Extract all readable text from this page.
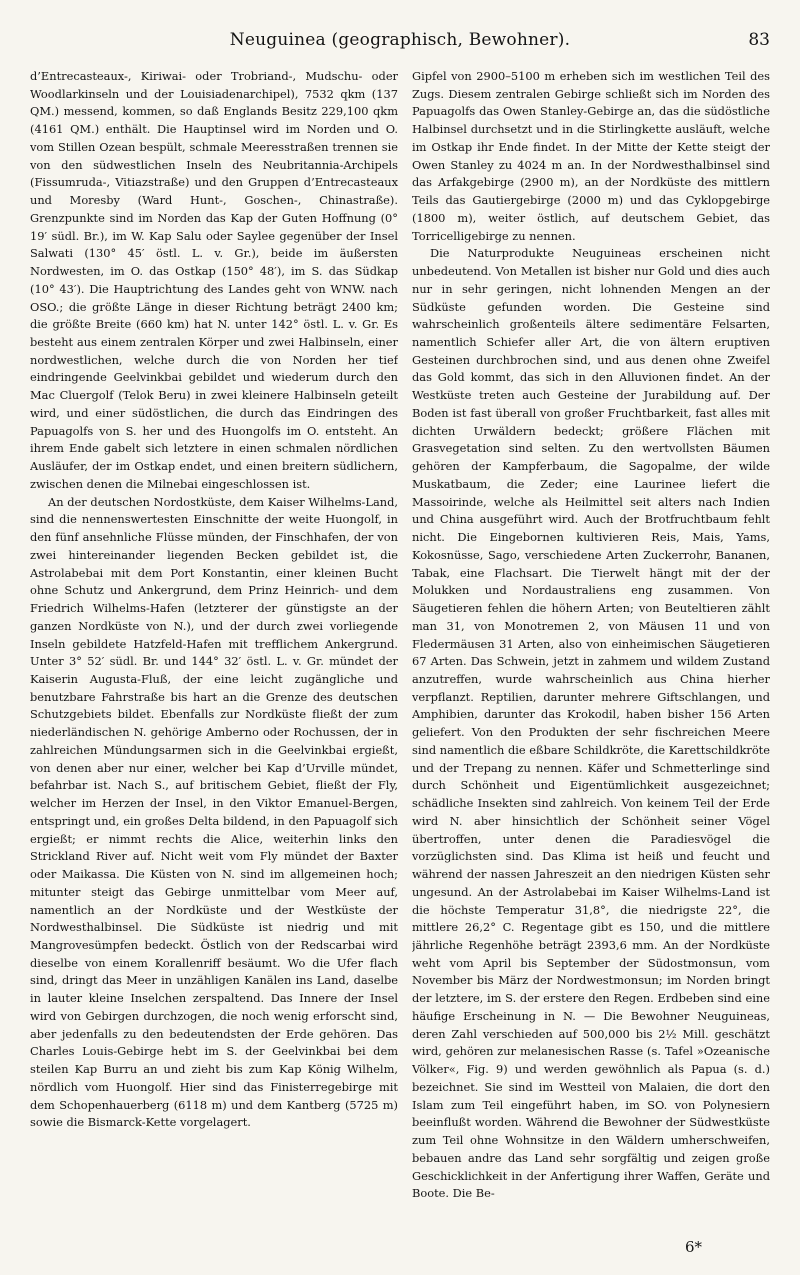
Neuguinea (geographisch, Bewohner).	83

d’Entrecasteaux-, Kiriwai- oder Trobriand-, Mudschu- oder Woodlarkinseln und der Louisiadenarchipel), 7532 qkm (137 QM.) messend, kommen, so daß Englands Besitz 229,100 qkm (4161 QM.) enthält. Die Hauptinsel wird im Norden und O. vom Stillen Ozean bespült, schmale Meeresstraßen trennen sie von den südwestlichen Inseln des Neubritannia-Archipels (Fissumruda-, Vitiazstraße) und den Gruppen d’Entrecasteaux und Moresby (Ward Hunt-, Goschen-, Chinastraße). Grenzpunkte sind im Norden das Kap der Guten Hoffnung (0° 19′ südl. Br.), im W. Kap Salu oder Saylee gegenüber der Insel Salwati (130° 45′ östl. L. v. Gr.), beide im äußersten Nordwesten, im O. das Ostkap (150° 48′), im S. das Südkap (10° 43′). Die Hauptrichtung des Landes geht von WNW. nach OSO.; die größte Länge in dieser Richtung beträgt 2400 km; die größte Breite (660 km) hat N. unter 142° östl. L. v. Gr. Es besteht aus einem zentralen Körper und zwei Halbinseln, einer nordwestlichen, welche durch die von Norden her tief eindringende Geelvinkbai gebildet und wiederum durch den Mac Cluergolf (Telok Beru) in zwei kleinere Halbinseln geteilt wird, und einer südöstlichen, die durch das Eindringen des Papuagolfs von S. her und des Huongolfs im O. entsteht. An ihrem Ende gabelt sich letztere in einen schmalen nördlichen Ausläufer, der im Ostkap endet, und einen breitern südlichern, zwischen denen die Milnebai eingeschlossen ist.

An der deutschen Nordostküste, dem Kaiser Wilhelms-Land, sind die nennenswertesten Einschnitte der weite Huongolf, in den fünf ansehnliche Flüsse münden, der Finschhafen, der von zwei hintereinander liegenden Becken gebildet ist, die Astrolabebai mit dem Port Konstantin, einer kleinen Bucht ohne Schutz und Ankergrund, dem Prinz Heinrich- und dem Friedrich Wilhelms-Hafen (letzterer der günstigste an der ganzen Nordküste von N.), und der durch zwei vorliegende Inseln gebildete Hatzfeld-Hafen mit trefflichem Ankergrund. Unter 3° 52′ südl. Br. und 144° 32′ östl. L. v. Gr. mündet der Kaiserin Augusta-Fluß, der eine leicht zugängliche und benutzbare Fahrstraße bis hart an die Grenze des deutschen Schutzgebiets bildet. Ebenfalls zur Nordküste fließt der zum niederländischen N. gehörige Amberno oder Rochussen, der in zahlreichen Mündungsarmen sich in die Geelvinkbai ergießt, von denen aber nur einer, welcher bei Kap d’Urville mündet, befahrbar ist. Nach S., auf britischem Gebiet, fließt der Fly, welcher im Herzen der Insel, in den Viktor Emanuel-Bergen, entspringt und, ein großes Delta bildend, in den Papuagolf sich ergießt; er nimmt rechts die Alice, weiterhin links den Strickland River auf. Nicht weit vom Fly mündet der Baxter oder Maikassa. Die Küsten von N. sind im allgemeinen hoch; mitunter steigt das Gebirge unmittelbar vom Meer auf, namentlich an der Nordküste und der Westküste der Nordwesthalbinsel. Die Südküste ist niedrig und mit Mangrovesümpfen bedeckt. Östlich von der Redscarbai wird dieselbe von einem Korallenriff besäumt. Wo die Ufer flach sind, dringt das Meer in unzähligen Kanälen ins Land, daselbe in lauter kleine Inselchen zerspaltend. Das Innere der Insel wird von Gebirgen durchzogen, die noch wenig erforscht sind, aber jedenfalls zu den bedeutendsten der Erde gehören. Das Charles Louis-Gebirge hebt im S. der Geelvinkbai bei dem steilen Kap Burru an und zieht bis zum Kap König Wilhelm, nördlich vom Huongolf. Hier sind das Finisterregebirge mit dem Schopenhauerberg (6118 m) und dem Kantberg (5725 m) sowie die Bismarck-Kette vorgelagert.

Gipfel von 2900–5100 m erheben sich im westlichen Teil des Zugs. Diesem zentralen Gebirge schließt sich im Norden des Papuagolfs das Owen Stanley-Gebirge an, das die südöstliche Halbinsel durchsetzt und in die Stirlingkette ausläuft, welche im Ostkap ihr Ende findet. In der Mitte der Kette steigt der Owen Stanley zu 4024 m an. In der Nordwesthalbinsel sind das Arfakgebirge (2900 m), an der Nordküste des mittlern Teils das Gautiergebirge (2000 m) und das Cyklopgebirge (1800 m), weiter östlich, auf deutschem Gebiet, das Torricelligebirge zu nennen.

Die Naturprodukte Neuguineas erscheinen nicht unbedeutend. Von Metallen ist bisher nur Gold und dies auch nur in sehr geringen, nicht lohnenden Mengen an der Südküste gefunden worden. Die Gesteine sind wahrscheinlich großenteils ältere sedimentäre Felsarten, namentlich Schiefer aller Art, die von ältern eruptiven Gesteinen durchbrochen sind, und aus denen ohne Zweifel das Gold kommt, das sich in den Alluvionen findet. An der Westküste treten auch Gesteine der Jurabildung auf. Der Boden ist fast überall von großer Fruchtbarkeit, fast alles mit dichten Urwäldern bedeckt; größere Flächen mit Grasvegetation sind selten. Zu den wertvollsten Bäumen gehören der Kampferbaum, die Sagopalme, der wilde Muskatbaum, die Zeder; eine Laurinee liefert die Massoirinde, welche als Heilmittel seit alters nach Indien und China ausgeführt wird. Auch der Brotfruchtbaum fehlt nicht. Die Eingebornen kultivieren Reis, Mais, Yams, Kokosnüsse, Sago, verschiedene Arten Zuckerrohr, Bananen, Tabak, eine Flachsart. Die Tierwelt hängt mit der der Molukken und Nordaustraliens eng zusammen. Von Säugetieren fehlen die höhern Arten; von Beuteltieren zählt man 31, von Monotremen 2, von Mäusen 11 und von Fledermäusen 31 Arten, also von einheimischen Säugetieren 67 Arten. Das Schwein, jetzt in zahmem und wildem Zustand anzutreffen, wurde wahrscheinlich aus China hierher verpflanzt. Reptilien, darunter mehrere Giftschlangen, und Amphibien, darunter das Krokodil, haben bisher 156 Arten geliefert. Von den Produkten der sehr fischreichen Meere sind namentlich die eßbare Schildkröte, die Karettschildkröte und der Trepang zu nennen. Käfer und Schmetterlinge sind durch Schönheit und Eigentümlichkeit ausgezeichnet; schädliche Insekten sind zahlreich. Von keinem Teil der Erde wird N. aber hinsichtlich der Schönheit seiner Vögel übertroffen, unter denen die Paradiesvögel die vorzüglichsten sind. Das Klima ist heiß und feucht und während der nassen Jahreszeit an den niedrigen Küsten sehr ungesund. An der Astrolabebai im Kaiser Wilhelms-Land ist die höchste Temperatur 31,8°, die niedrigste 22°, die mittlere 26,2° C. Regentage gibt es 150, und die mittlere jährliche Regenhöhe beträgt 2393,6 mm. An der Nordküste weht vom April bis September der Südostmonsun, vom November bis März der Nordwestmonsun; im Norden bringt der letztere, im S. der erstere den Regen. Erdbeben sind eine häufige Erscheinung in N. — Die Bewohner Neuguineas, deren Zahl verschieden auf 500,000 bis 2½ Mill. geschätzt wird, gehören zur melanesischen Rasse (s. Tafel »Ozeanische Völker«, Fig. 9) und werden gewöhnlich als Papua (s. d.) bezeichnet. Sie sind im Westteil von Malaien, die dort den Islam zum Teil eingeführt haben, im SO. von Polynesiern beeinflußt worden. Während die Bewohner der Südwestküste zum Teil ohne Wohnsitze in den Wäldern umherschweifen, bebauen andre das Land sehr sorgfältig und zeigen große Geschicklichkeit in der Anfertigung ihrer Waffen, Geräte und Boote. Die Be-

6*
